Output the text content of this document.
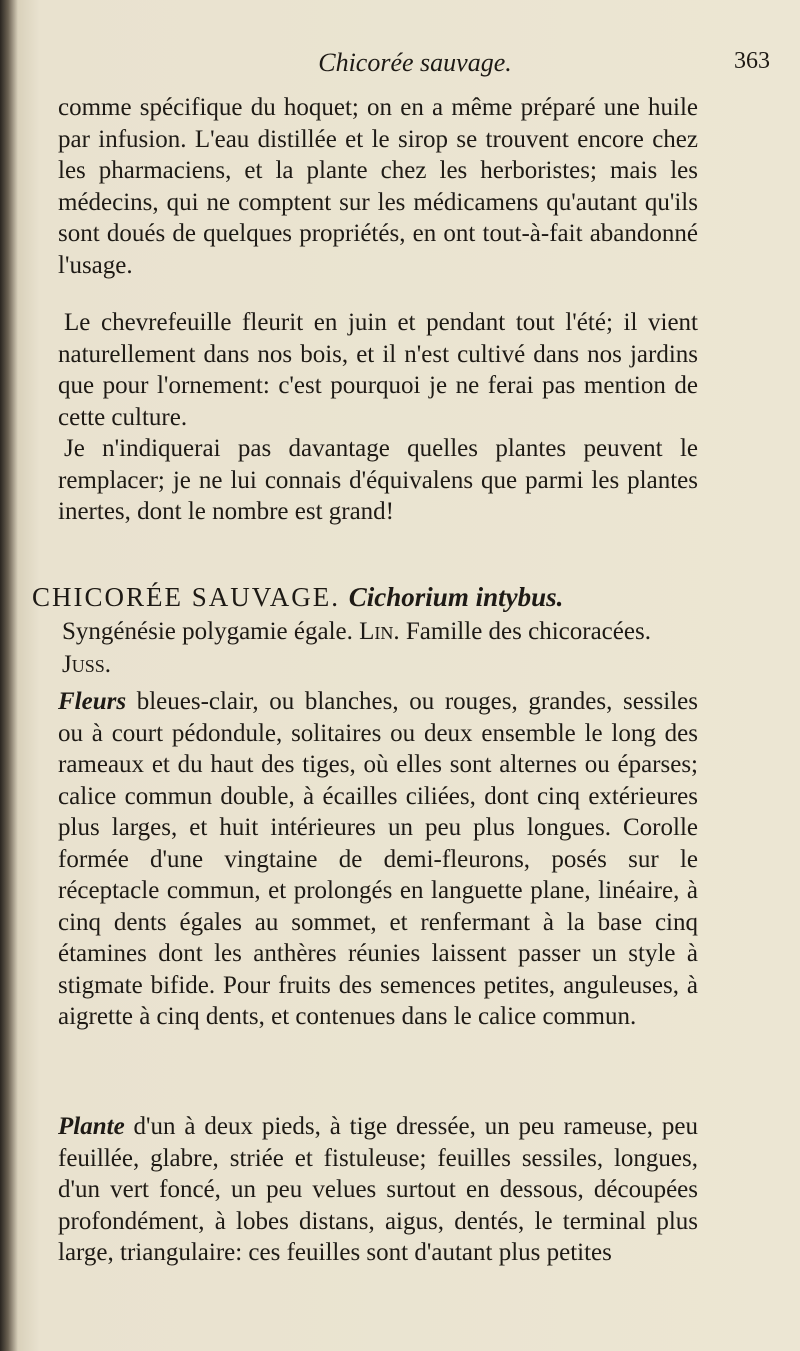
Chicorée sauvage.	363

comme spécifique du hoquet; on en a même préparé une huile par infusion. L'eau distillée et le sirop se trouvent encore chez les pharmaciens, et la plante chez les herboristes; mais les médecins, qui ne comptent sur les médicamens qu'autant qu'ils sont doués de quelques propriétés, en ont tout-à-fait abandonné l'usage.

Le chevrefeuille fleurit en juin et pendant tout l'été; il vient naturellement dans nos bois, et il n'est cultivé dans nos jardins que pour l'ornement: c'est pourquoi je ne ferai pas mention de cette culture.

Je n'indiquerai pas davantage quelles plantes peuvent le remplacer; je ne lui connais d'équivalens que parmi les plantes inertes, dont le nombre est grand!

CHICORÉE SAUVAGE. Cichorium intybus.

Syngénésie polygamie égale. Lin. Famille des chicoracées. Juss.

Fleurs bleues-clair, ou blanches, ou rouges, grandes, sessiles ou à court pédondule, solitaires ou deux ensemble le long des rameaux et du haut des tiges, où elles sont alternes ou éparses; calice commun double, à écailles ciliées, dont cinq extérieures plus larges, et huit intérieures un peu plus longues. Corolle formée d'une vingtaine de demi-fleurons, posés sur le réceptacle commun, et prolongés en languette plane, linéaire, à cinq dents égales au sommet, et renfermant à la base cinq étamines dont les anthères réunies laissent passer un style à stigmate bifide. Pour fruits des semences petites, anguleuses, à aigrette à cinq dents, et contenues dans le calice commun.

Plante d'un à deux pieds, à tige dressée, un peu rameuse, peu feuillée, glabre, striée et fistuleuse; feuilles sessiles, longues, d'un vert foncé, un peu velues surtout en dessous, découpées profondément, à lobes distans, aigus, dentés, le terminal plus large, triangulaire: ces feuilles sont d'autant plus petites
